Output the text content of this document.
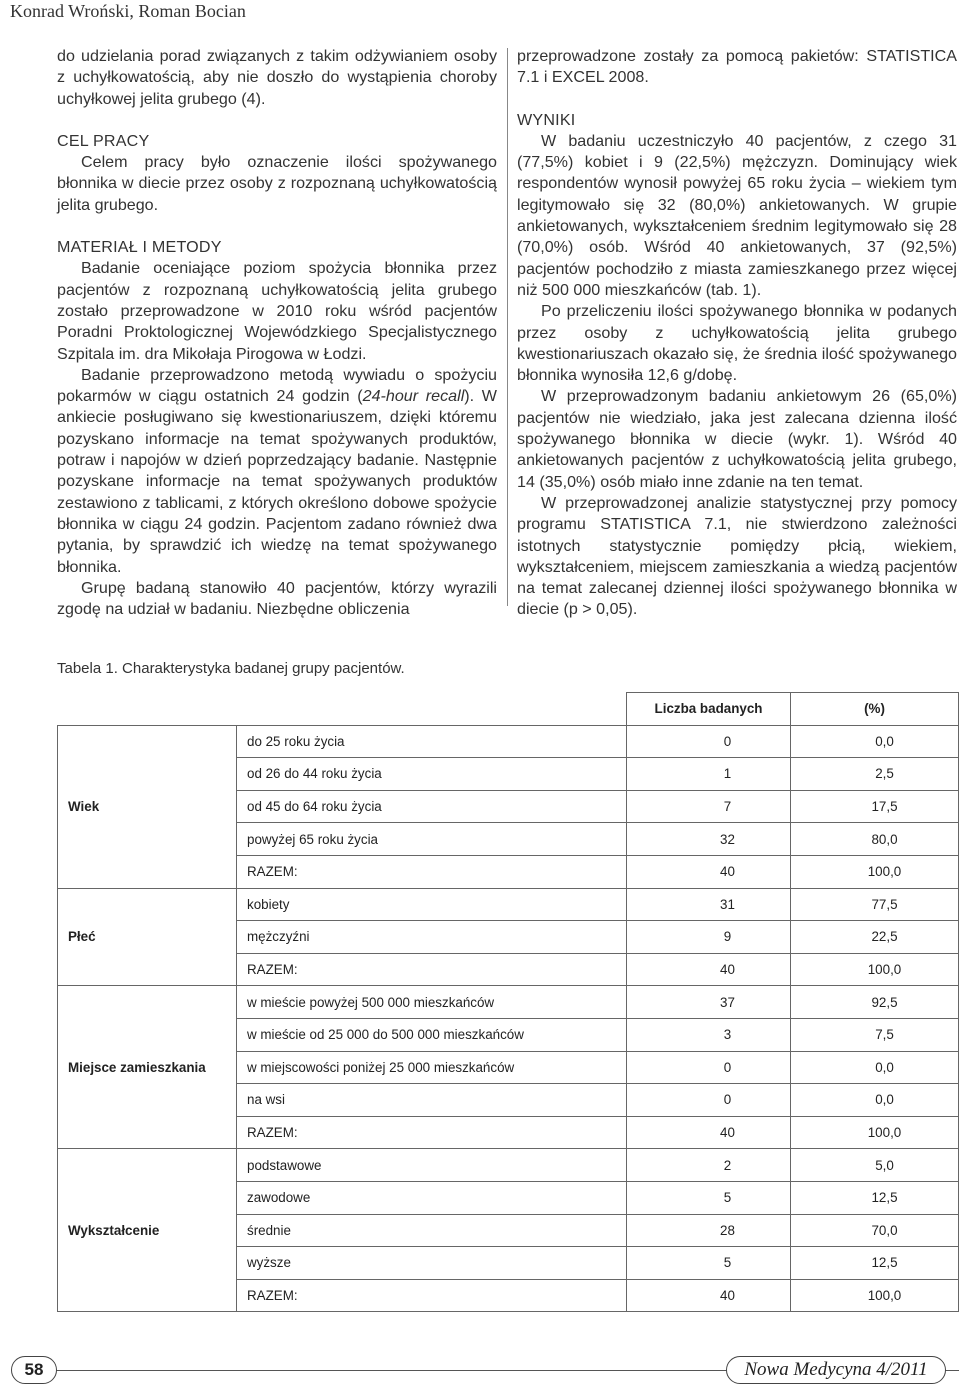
Konrad Wroński, Roman Bocian

do udzielania porad związanych z takim odżywianiem osoby z uchyłkowatością, aby nie doszło do wystąpienia choroby uchyłkowej jelita grubego (4).

CEL PRACY

Celem pracy było oznaczenie ilości spożywanego błonnika w diecie przez osoby z rozpoznaną uchyłkowatością jelita grubego.

MATERIAŁ I METODY

Badanie oceniające poziom spożycia błonnika przez pacjentów z rozpoznaną uchyłkowatością jelita grubego zostało przeprowadzone w 2010 roku wśród pacjentów Poradni Proktologicznej Wojewódzkiego Specjalistycznego Szpitala im. dra Mikołaja Pirogowa w Łodzi.

Badanie przeprowadzono metodą wywiadu o spożyciu pokarmów w ciągu ostatnich 24 godzin (24-hour recall). W ankiecie posługiwano się kwestionariuszem, dzięki któremu pozyskano informacje na temat spożywanych produktów, potraw i napojów w dzień poprzedzający badanie. Następnie pozyskane informacje na temat spożywanych produktów zestawiono z tablicami, z których określono dobowe spożycie błonnika w ciągu 24 godzin. Pacjentom zadano również dwa pytania, by sprawdzić ich wiedzę na temat spożywanego błonnika.

Grupę badaną stanowiło 40 pacjentów, którzy wyrazili zgodę na udział w badaniu. Niezbędne obliczenia

przeprowadzone zostały za pomocą pakietów: STATISTICA 7.1 i EXCEL 2008.

WYNIKI

W badaniu uczestniczyło 40 pacjentów, z czego 31 (77,5%) kobiet i 9 (22,5%) mężczyzn. Dominujący wiek respondentów wynosił powyżej 65 roku życia – wiekiem tym legitymowało się 32 (80,0%) ankietowanych. W grupie ankietowanych, wykształceniem średnim legitymowało się 28 (70,0%) osób. Wśród 40 ankietowanych, 37 (92,5%) pacjentów pochodziło z miasta zamieszkanego przez więcej niż 500 000 mieszkańców (tab. 1).

Po przeliczeniu ilości spożywanego błonnika w podanych przez osoby z uchyłkowatością jelita grubego kwestionariuszach okazało się, że średnia ilość spożywanego błonnika wynosiła 12,6 g/dobę.

W przeprowadzonym badaniu ankietowym 26 (65,0%) pacjentów nie wiedziało, jaka jest zalecana dzienna ilość spożywanego błonnika w diecie (wykr. 1). Wśród 40 ankietowanych pacjentów z uchyłkowatością jelita grubego, 14 (35,0%) osób miało inne zdanie na ten temat.

W przeprowadzonej analizie statystycznej przy pomocy programu STATISTICA 7.1, nie stwierdzono zależności istotnych statystycznie pomiędzy płcią, wiekiem, wykształceniem, miejscem zamieszkania a wiedzą pacjentów na temat zalecanej dziennej ilości spożywanego błonnika w diecie (p > 0,05).

Tabela 1. Charakterystyka badanej grupy pacjentów.
		Liczba badanych	(%)
Wiek	do 25 roku życia	0	0,0
	od 26 do 44 roku życia	1	2,5
	od 45 do 64 roku życia	7	17,5
	powyżej 65 roku życia	32	80,0
	RAZEM:	40	100,0
Płeć	kobiety	31	77,5
	mężczyźni	9	22,5
	RAZEM:	40	100,0
Miejsce zamieszkania	w mieście powyżej 500 000 mieszkańców	37	92,5
	w mieście od 25 000 do 500 000 mieszkańców	3	7,5
	w miejscowości poniżej 25 000 mieszkańców	0	0,0
	na wsi	0	0,0
	RAZEM:	40	100,0
Wykształcenie	podstawowe	2	5,0
	zawodowe	5	12,5
	średnie	28	70,0
	wyższe	5	12,5
	RAZEM:	40	100,0
58	Nowa Medycyna 4/2011
